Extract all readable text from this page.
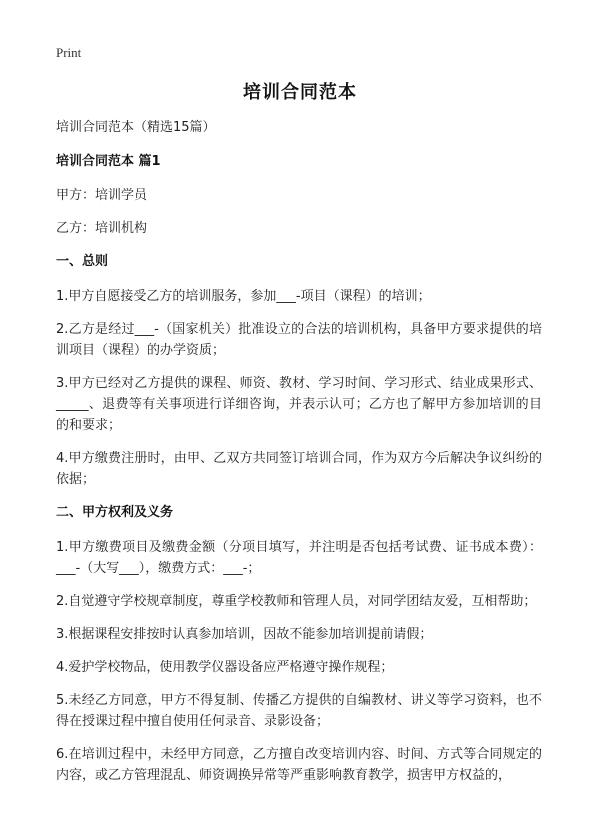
Print
培训合同范本

培训合同范本（精选15篇）

培训合同范本 篇1

甲方：培训学员

乙方：培训机构

一、总则

1.甲方自愿接受乙方的培训服务，参加___-项目（课程）的培训；

2.乙方是经过___-（国家机关）批准设立的合法的培训机构，具备甲方要求提供的培训项目（课程）的办学资质；

3.甲方已经对乙方提供的课程、师资、教材、学习时间、学习形式、结业成果形式、_____、退费等有关事项进行详细咨询，并表示认可；乙方也了解甲方参加培训的目的和要求；

4.甲方缴费注册时，由甲、乙双方共同签订培训合同，作为双方今后解决争议纠纷的依据；

二、甲方权利及义务

1.甲方缴费项目及缴费金额（分项目填写，并注明是否包括考试费、证书成本费）：___-（大写___），缴费方式：___-；

2.自觉遵守学校规章制度，尊重学校教师和管理人员，对同学团结友爱，互相帮助；

3.根据课程安排按时认真参加培训，因故不能参加培训提前请假；

4.爱护学校物品，使用教学仪器设备应严格遵守操作规程；

5.未经乙方同意，甲方不得复制、传播乙方提供的自编教材、讲义等学习资料，也不得在授课过程中擅自使用任何录音、录影设备；

6.在培训过程中，未经甲方同意，乙方擅自改变培训内容、时间、方式等合同规定的内容，或乙方管理混乱、师资调换异常等严重影响教育教学，损害甲方权益的，
